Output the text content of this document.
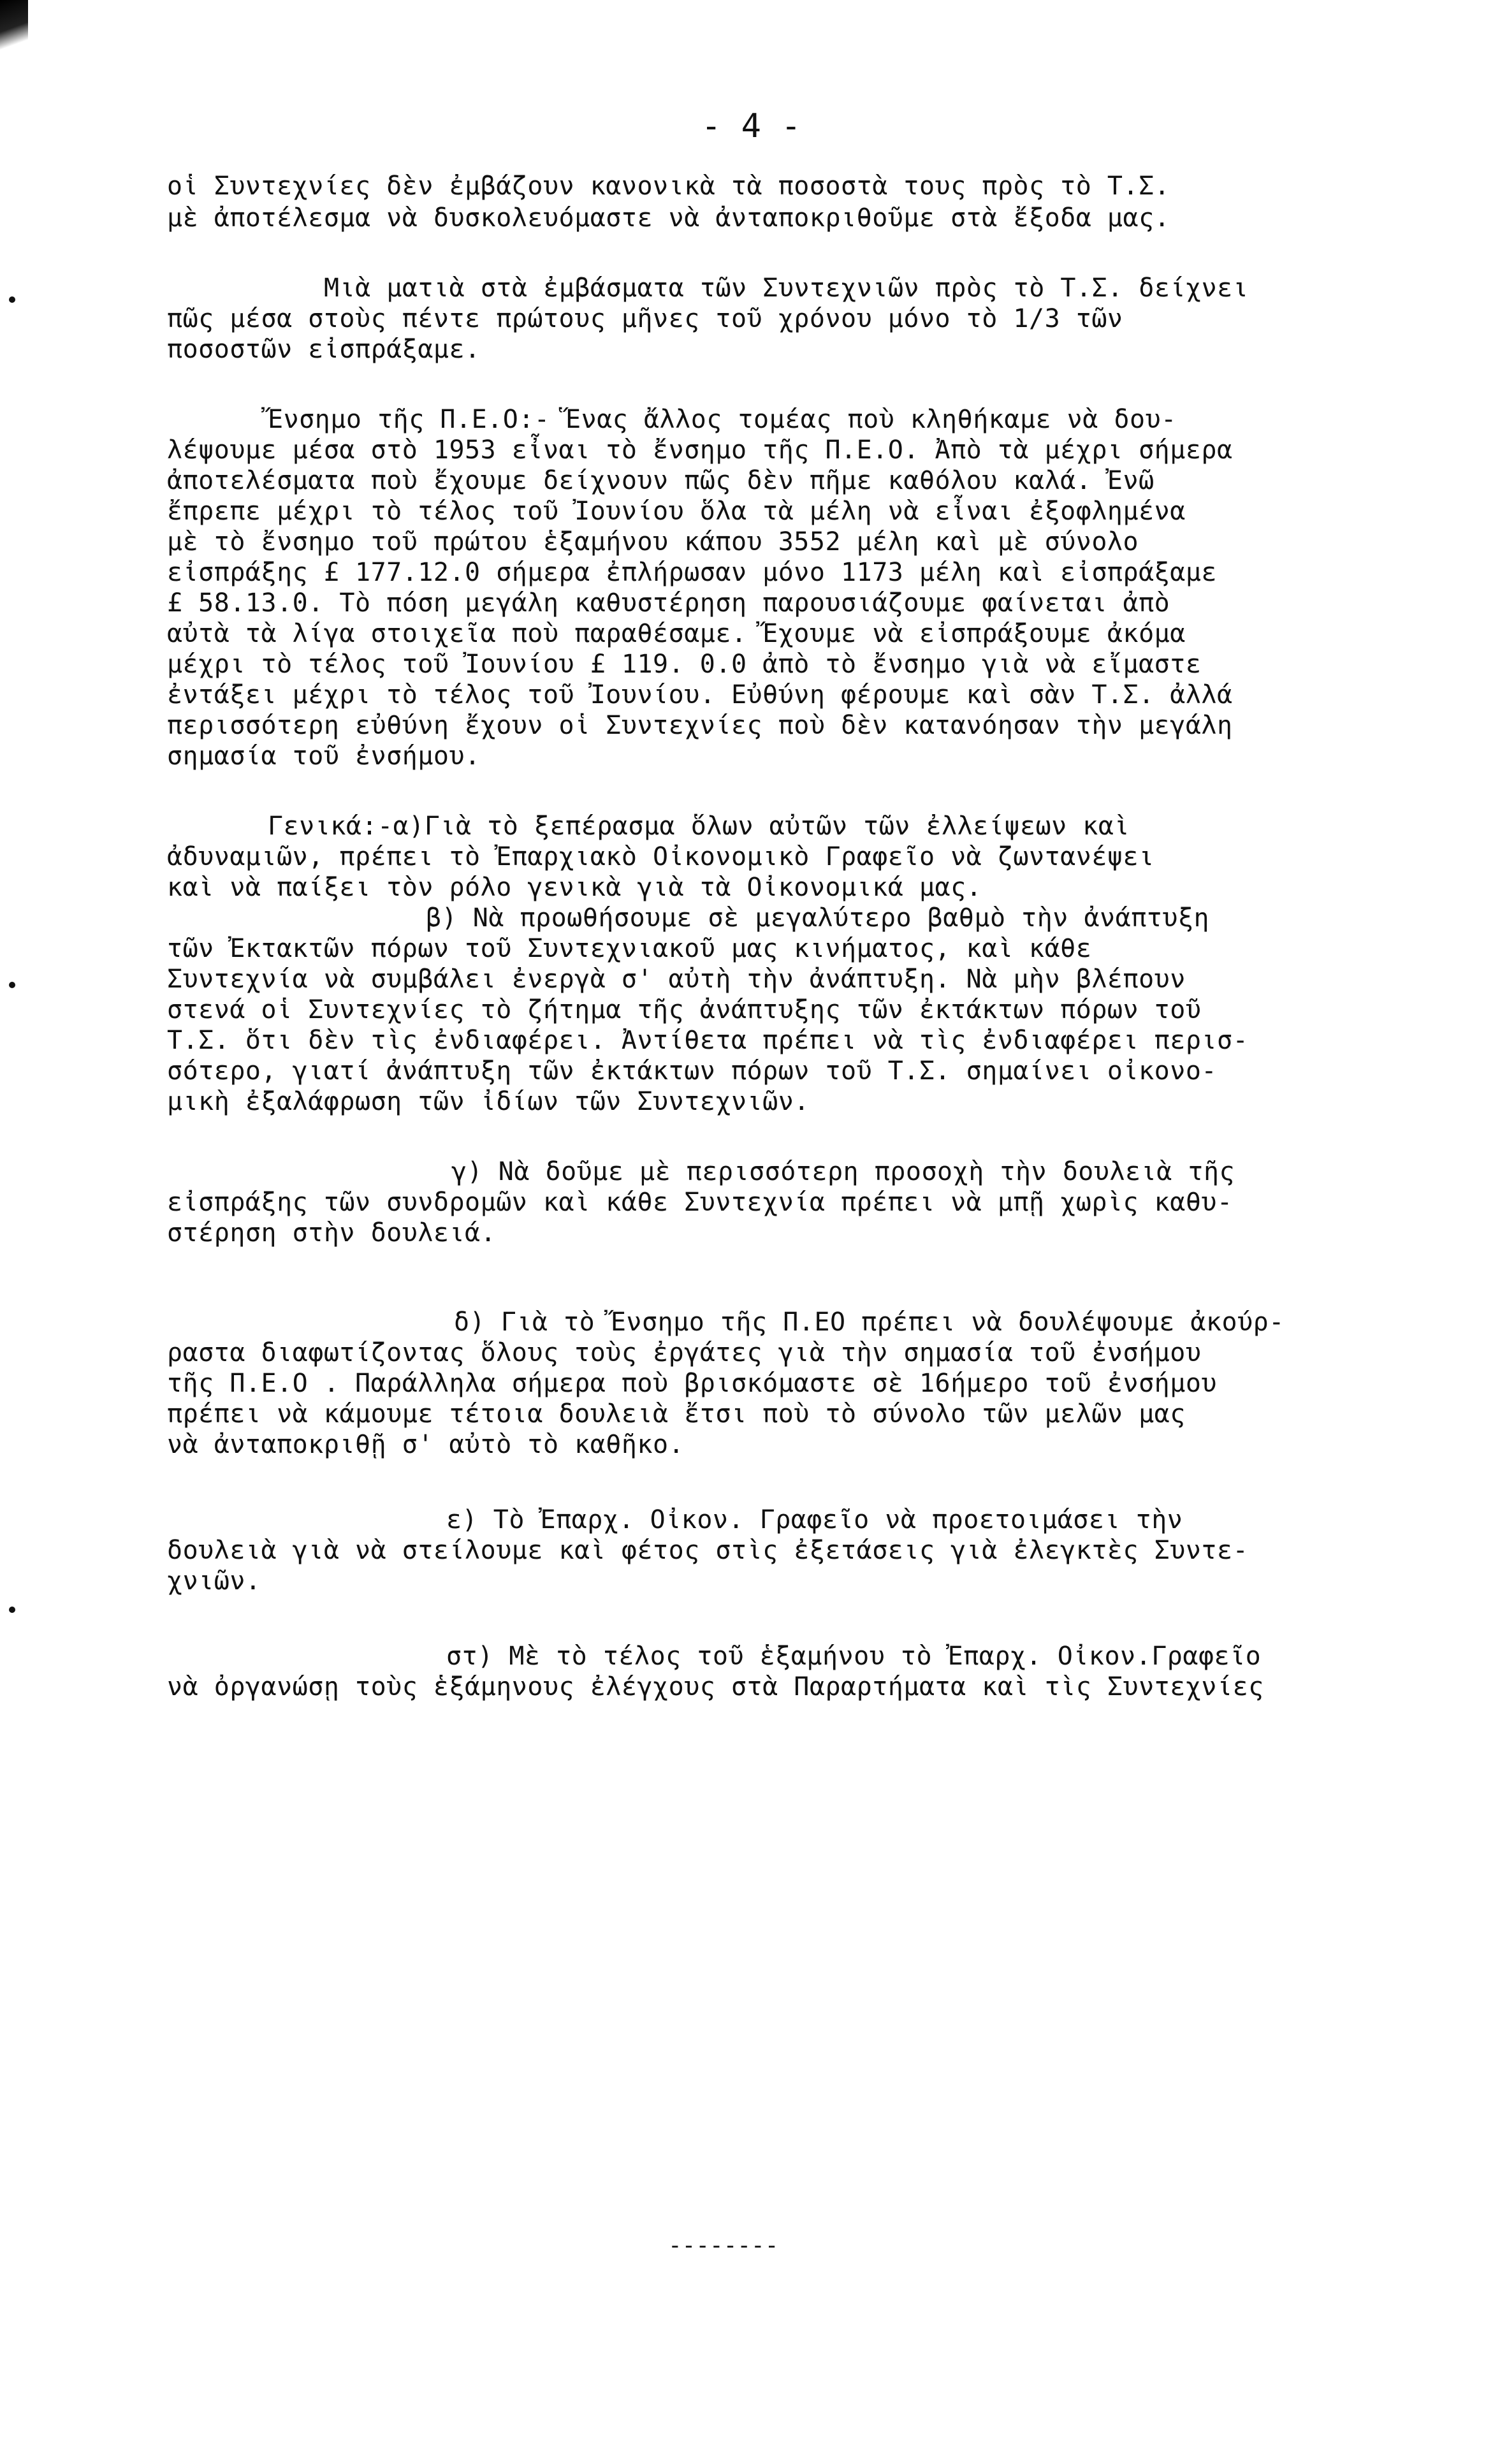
- 4 -
οἱ Συντεχνίες δὲν ἐμβάζουν κανονικὰ τὰ ποσοστὰ τους πρὸς τὸ Τ.Σ.
μὲ ἀποτέλεσμα νὰ δυσκολευόμαστε νὰ ἀνταποκριθοῦμε στὰ ἔξοδα μας.
Μιὰ ματιὰ στὰ ἐμβάσματα τῶν Συντεχνιῶν πρὸς τὸ Τ.Σ. δείχνει
πῶς μέσα στοὺς πέντε πρώτους μῆνες τοῦ χρόνου μόνο τὸ 1/3 τῶν
ποσοστῶν εἰσπράξαμε.
Ἔνσημο τῆς Π.Ε.Ο:- Ἕνας ἄλλος τομέας ποὺ κληθήκαμε νὰ δου-
λέψουμε μέσα στὸ 1953 εἶναι τὸ ἔνσημο τῆς Π.Ε.Ο. Ἀπὸ τὰ μέχρι σήμερα
ἀποτελέσματα ποὺ ἔχουμε δείχνουν πῶς δὲν πῆμε καθόλου καλά. Ἐνῶ
ἔπρεπε μέχρι τὸ τέλος τοῦ Ἰουνίου ὅλα τὰ μέλη νὰ εἶναι ἐξοφλημένα
μὲ τὸ ἔνσημο τοῦ πρώτου ἑξαμήνου κάπου 3552 μέλη καὶ μὲ σύνολο
εἰσπράξης £ 177.12.0 σήμερα ἐπλήρωσαν μόνο 1173 μέλη καὶ εἰσπράξαμε
£ 58.13.0. Τὸ πόση μεγάλη καθυστέρηση παρουσιάζουμε φαίνεται ἀπὸ
αὐτὰ τὰ λίγα στοιχεῖα ποὺ παραθέσαμε. Ἔχουμε νὰ εἰσπράξουμε ἀκόμα
μέχρι τὸ τέλος τοῦ Ἰουνίου £ 119. 0.0 ἀπὸ τὸ ἔνσημο γιὰ νὰ εἴμαστε
ἐντάξει μέχρι τὸ τέλος τοῦ Ἰουνίου. Εὐθύνη φέρουμε καὶ σὰν Τ.Σ. ἀλλά
περισσότερη εὐθύνη ἔχουν οἱ Συντεχνίες ποὺ δὲν κατανόησαν τὴν μεγάλη
σημασία τοῦ ἐνσήμου.
Γενικά:-α)Γιὰ τὸ ξεπέρασμα ὅλων αὐτῶν τῶν ἐλλείψεων καὶ
ἀδυναμιῶν, πρέπει τὸ Ἐπαρχιακὸ Οἰκονομικὸ Γραφεῖο νὰ ζωντανέψει
καὶ νὰ παίξει τὸν ρόλο γενικὰ γιὰ τὰ Οἰκονομικά μας.
β) Νὰ προωθήσουμε σὲ μεγαλύτερο βαθμὸ τὴν ἀνάπτυξη
τῶν Ἐκτακτῶν πόρων τοῦ Συντεχνιακοῦ μας κινήματος, καὶ κάθε
Συντεχνία νὰ συμβάλει ἐνεργὰ σ' αὐτὴ τὴν ἀνάπτυξη. Νὰ μὴν βλέπουν
στενά οἱ Συντεχνίες τὸ ζήτημα τῆς ἀνάπτυξης τῶν ἐκτάκτων πόρων τοῦ
Τ.Σ. ὅτι δὲν τὶς ἐνδιαφέρει. Ἀντίθετα πρέπει νὰ τὶς ἐνδιαφέρει περισ-
σότερο, γιατί ἀνάπτυξη τῶν ἐκτάκτων πόρων τοῦ Τ.Σ. σημαίνει οἰκονο-
μικὴ ἐξαλάφρωση τῶν ἰδίων τῶν Συντεχνιῶν.
γ) Νὰ δοῦμε μὲ περισσότερη προσοχὴ τὴν δουλειὰ τῆς
εἰσπράξης τῶν συνδρομῶν καὶ κάθε Συντεχνία πρέπει νὰ μπῇ χωρὶς καθυ-
στέρηση στὴν δουλειά.
δ) Γιὰ τὸ Ἔνσημο τῆς Π.ΕΟ πρέπει νὰ δουλέψουμε ἀκούρ-
ραστα διαφωτίζοντας ὅλους τοὺς ἐργάτες γιὰ τὴν σημασία τοῦ ἐνσήμου
τῆς Π.Ε.Ο . Παράλληλα σήμερα ποὺ βρισκόμαστε σὲ 16ήμερο τοῦ ἐνσήμου
πρέπει νὰ κάμουμε τέτοια δουλειὰ ἔτσι ποὺ τὸ σύνολο τῶν μελῶν μας
νὰ ἀνταποκριθῇ σ' αὐτὸ τὸ καθῆκο.
ε) Τὸ Ἐπαρχ. Οἰκον. Γραφεῖο νὰ προετοιμάσει τὴν
δουλειὰ γιὰ νὰ στείλουμε καὶ φέτος στὶς ἐξετάσεις γιὰ ἐλεγκτὲς Συντε-
χνιῶν.
στ) Μὲ τὸ τέλος τοῦ ἑξαμήνου τὸ Ἐπαρχ. Οἰκον.Γραφεῖο
νὰ ὀργανώσῃ τοὺς ἑξάμηνους ἐλέγχους στὰ Παραρτήματα καὶ τὶς Συντεχνίες
--------
